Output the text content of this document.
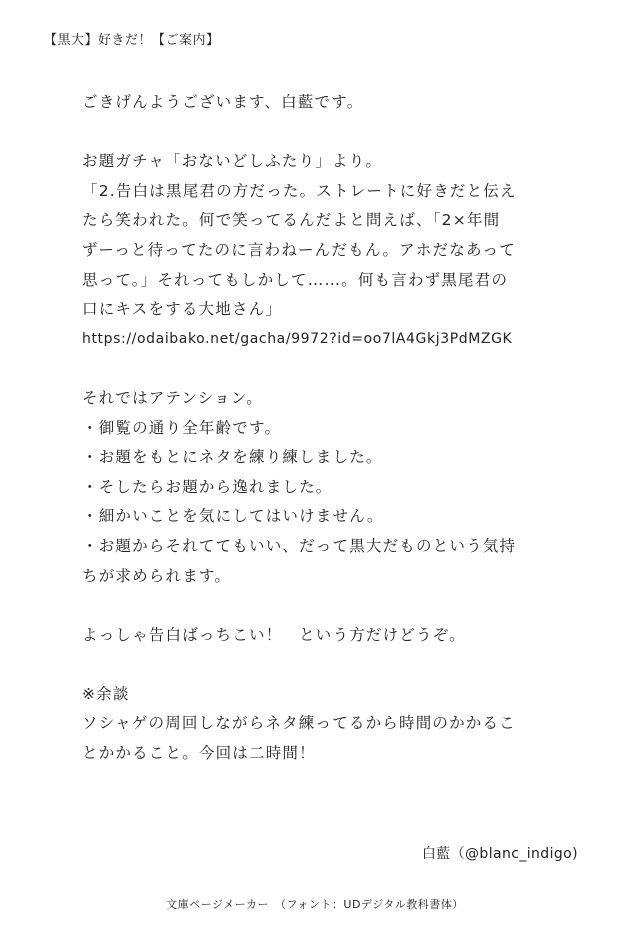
【黒大】好きだ！【ご案内】
ごきげんようございます、白藍です。
お題ガチャ「おないどしふたり」より。
「2.告白は黒尾君の方だった。ストレートに好きだと伝え
たら笑われた。何で笑ってるんだよと問えば、「2×年間
ずーっと待ってたのに言わねーんだもん。アホだなあって
思って。」それってもしかして……。何も言わず黒尾君の
口にキスをする大地さん」
https://odaibako.net/gacha/9972?id=oo7lA4Gkj3PdMZGK
それではアテンション。
・御覧の通り全年齢です。
・お題をもとにネタを練り練しました。
・そしたらお題から逸れました。
・細かいことを気にしてはいけません。
・お題からそれててもいい、だって黒大だものという気持
ちが求められます。
よっしゃ告白ばっちこい！　という方だけどうぞ。
※余談
ソシャゲの周回しながらネタ練ってるから時間のかかるこ
とかかること。今回は二時間！
白藍（@blanc_indigo)
文庫ページメーカー　（フォント：UDデジタル教科書体）
